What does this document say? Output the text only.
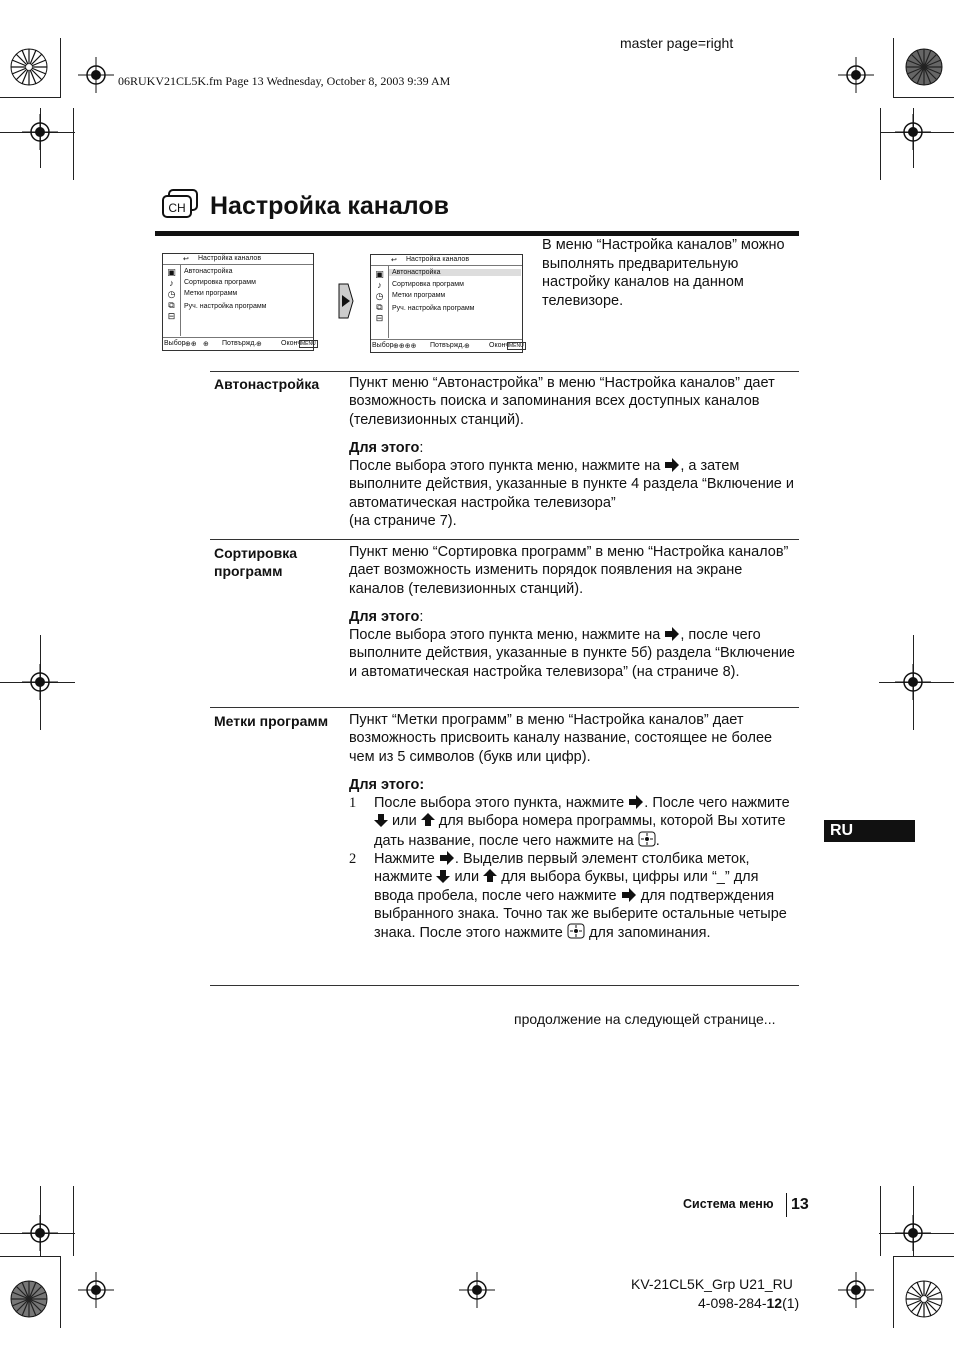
master page=right
06RUKV21CL5K.fm Page 13 Wednesday, October 8, 2003 9:39 AM
CH Настройка каналов
↩ Настройка каналов
▣
♪
◷
⧉
⊟
Автонастройка
Сортировка программ
Метки программ
Руч. настройка программ
Выбор ⊕⊕ ⊕ Потвържд. ⊕	Оконч MENU
↩ Настройка каналов
▣
♪
◷
⧉
⊟
Автонастройка
Сортировка программ
Метки программ
Руч. настройка программ
Выбор ⊕⊕⊕⊕ Потвържд. ⊕	Оконч MENU
В меню “Настройка каналов” можно выполнять предварительную настройку каналов на данном телевизоре.
Автонастройка Пункт меню “Автонастройка” в меню “Настройка каналов” дает возможность поиска и запоминания всех доступных каналов (телевизионных станций).

Для этого:

После выбора этого пункта меню, нажмите на , а затем выполните действия, указанные в пункте 4 раздела “Включение и автоматическая настройка телевизора”

(на страниче 7).

Сортировка
программ

Пункт меню “Сортировка программ” в меню “Настройка каналов” дает возможность изменить порядок появления на экране каналов (телевизионных станций).

Для этого:

После выбора этого пункта меню, нажмите на , после чего выполните действия, указанные в пункте 5б) раздела “Включение и автоматическая настройка телевизора” (на страниче 8).

Метки программ Пункт “Метки программ” в меню “Настройка каналов” дает возможность присвоить каналу название, состоящее не более чем из 5 символов (букв или цифр).

Для этого:

1 После выбора этого пункта, нажмите . После чего нажмите  или для выбора номера программы, которой Вы хотите дать название, после чего нажмите на .
2 Нажмите . Выделив первый элемент столбика меток, нажмите или для выбора буквы, цифры или “_” для ввода пробела, после чего нажмите для подтверждения выбранного знака. Точно так же выберите остальные четыре знака. После этого нажмите для запоминания.
продолжение на следующей странице...
RU
Система меню 13
KV-21CL5K_Grp U21_RU
4-098-284-12(1)
